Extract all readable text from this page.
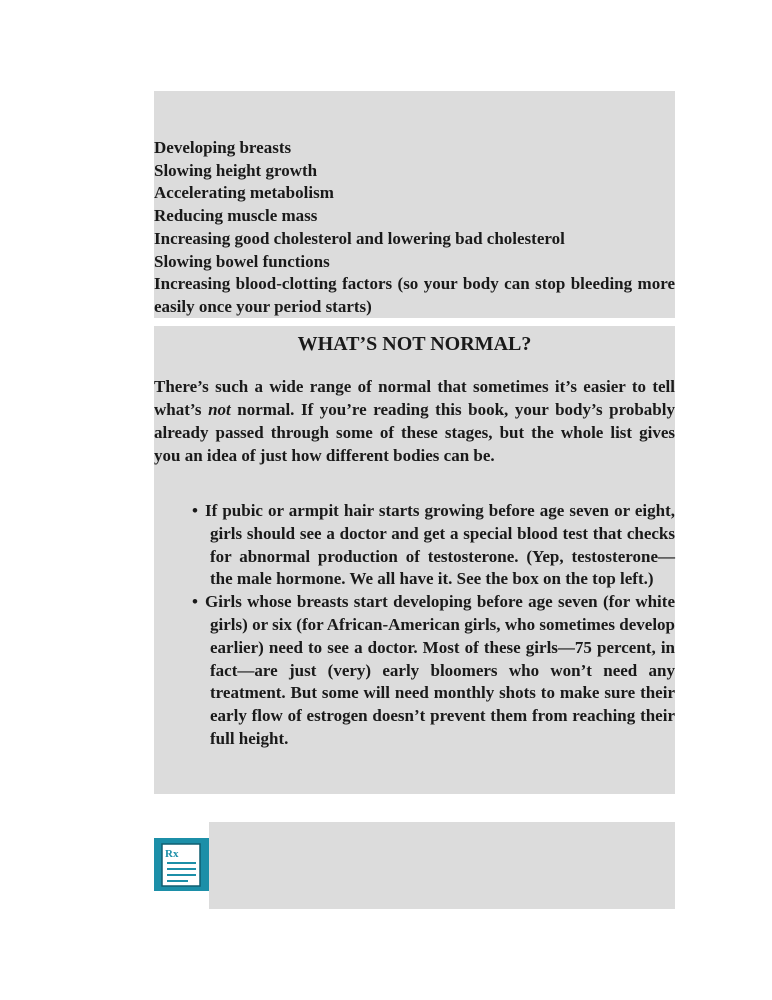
Developing breasts
Slowing height growth
Accelerating metabolism
Reducing muscle mass
Increasing good cholesterol and lowering bad cholesterol
Slowing bowel functions
Increasing blood-clotting factors (so your body can stop bleeding more easily once your period starts)
WHAT’S NOT NORMAL?

There’s such a wide range of normal that sometimes it’s easier to tell what’s not normal. If you’re reading this book, your body’s probably already passed through some of these stages, but the whole list gives you an idea of just how different bodies can be.

• If pubic or armpit hair starts growing before age seven or eight, girls should see a doctor and get a special blood test that checks for abnormal production of testosterone. (Yep, testosterone—the male hormone. We all have it. See the box on the top left.)
• Girls whose breasts start developing before age seven (for white girls) or six (for African-American girls, who sometimes develop earlier) need to see a doctor. Most of these girls—75 percent, in fact—are just (very) early bloomers who won’t need any treatment. But some will need monthly shots to make sure their early flow of estrogen doesn’t prevent them from reaching their full height.
Rx
